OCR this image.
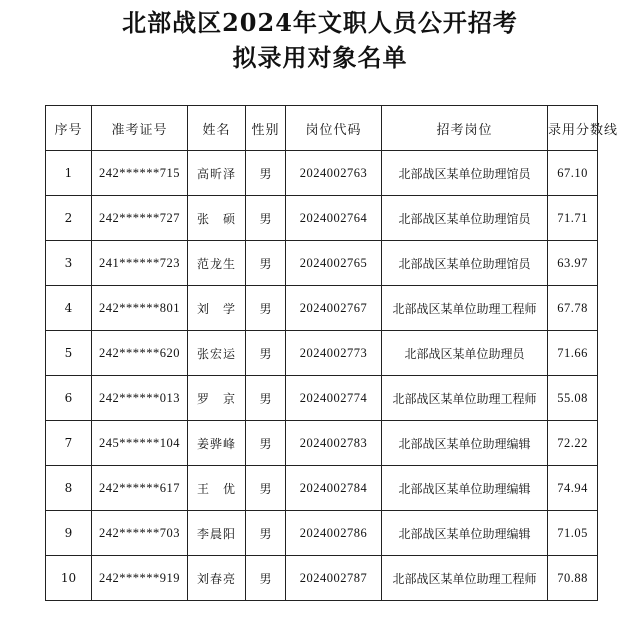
北部战区2024年文职人员公开招考
拟录用对象名单
序号	准考证号	姓名	性别	岗位代码	招考岗位	录用分数线
1	242******715	高昕泽	男	2024002763	北部战区某单位助理馆员	67.10
2	242******727	张　硕	男	2024002764	北部战区某单位助理馆员	71.71
3	241******723	范龙生	男	2024002765	北部战区某单位助理馆员	63.97
4	242******801	刘　学	男	2024002767	北部战区某单位助理工程师	67.78
5	242******620	张宏运	男	2024002773	北部战区某单位助理员	71.66
6	242******013	罗　京	男	2024002774	北部战区某单位助理工程师	55.08
7	245******104	姜骅峰	男	2024002783	北部战区某单位助理编辑	72.22
8	242******617	王　优	男	2024002784	北部战区某单位助理编辑	74.94
9	242******703	李晨阳	男	2024002786	北部战区某单位助理编辑	71.05
10	242******919	刘春亮	男	2024002787	北部战区某单位助理工程师	70.88
